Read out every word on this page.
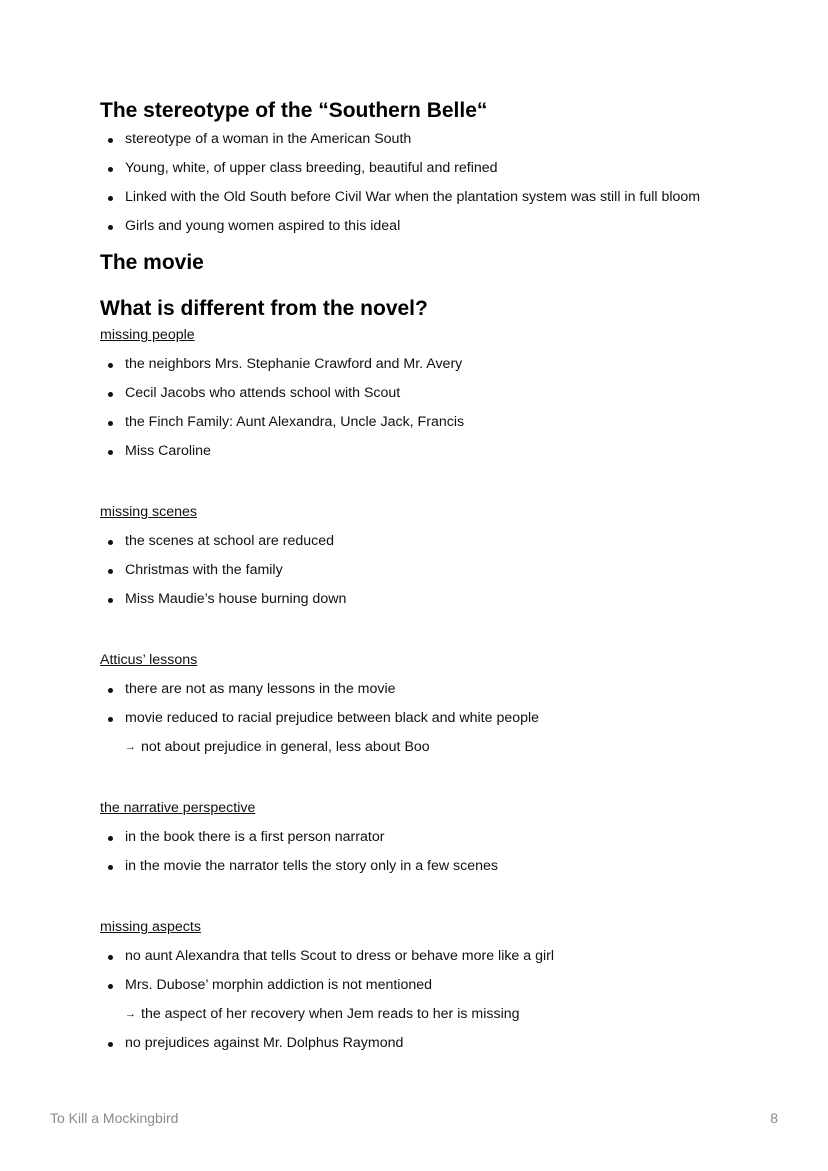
The stereotype of the “Southern Belle“
stereotype of a woman in the American South
Young, white, of upper class breeding, beautiful and refined
Linked with the Old South before Civil War when the plantation system was still in full bloom
Girls and young women aspired to this ideal
The movie
What is different from the novel?
missing people
the neighbors Mrs. Stephanie Crawford and Mr. Avery
Cecil Jacobs who attends school with Scout
the Finch Family: Aunt Alexandra, Uncle Jack, Francis
Miss Caroline
missing scenes
the scenes at school are reduced
Christmas with the family
Miss Maudie’s house burning down
Atticus’ lessons
there are not as many lessons in the movie
movie reduced to racial prejudice between black and white people
→ not about prejudice in general, less about Boo
the narrative perspective
in the book there is a first person narrator
in the movie the narrator tells the story only in a few scenes
missing aspects
no aunt Alexandra that tells Scout to dress or behave more like a girl
Mrs. Dubose’ morphin addiction is not mentioned
→ the aspect of her recovery when Jem reads to her is missing
no prejudices against Mr. Dolphus Raymond
To Kill a Mockingbird	8
